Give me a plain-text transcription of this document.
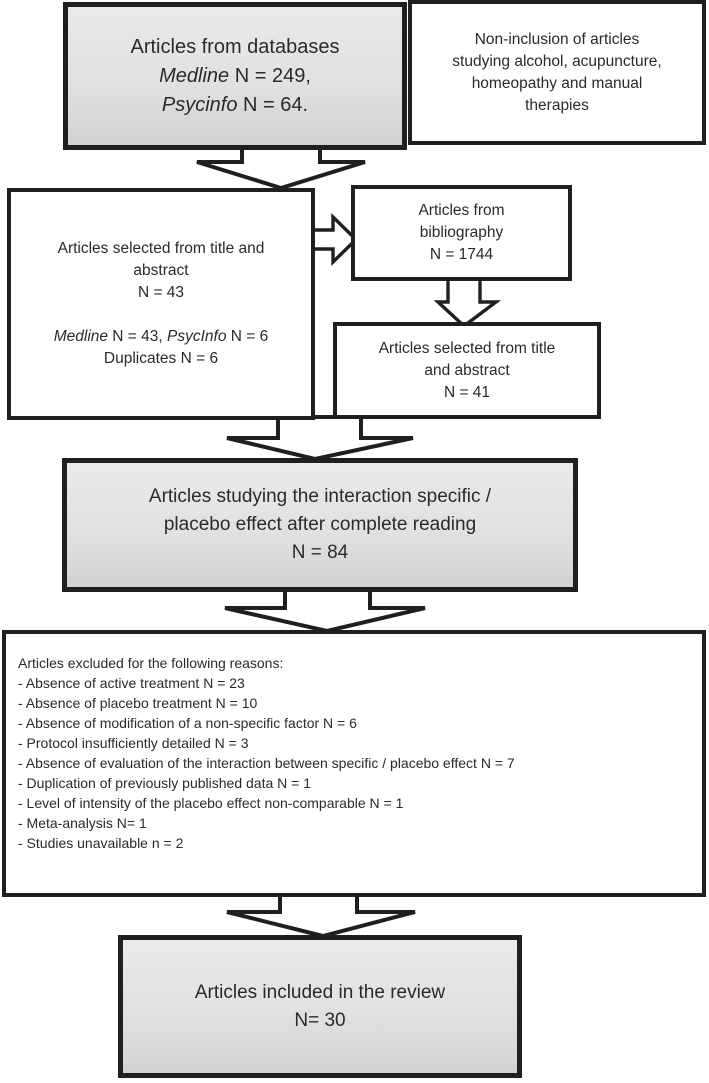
Articles from databases
Medline N = 249,
Psycinfo N = 64.
Non-inclusion of articles
studying alcohol, acupuncture,
homeopathy and manual
therapies
Articles selected from title and
abstract
N = 43
Medline N = 43, PsycInfo N = 6
Duplicates N = 6
Articles from
bibliography
N = 1744
Articles selected from title
and abstract
N = 41
Articles studying the interaction specific /
placebo effect after complete reading
N = 84
Articles excluded for the following reasons:
- Absence of active treatment N = 23
- Absence of placebo treatment N = 10
- Absence of modification of a non-specific factor N = 6
- Protocol insufficiently detailed N = 3
- Absence of evaluation of the interaction between specific / placebo effect N = 7
- Duplication of previously published data N = 1
- Level of intensity of the placebo effect non-comparable N = 1
- Meta-analysis N= 1
- Studies unavailable n = 2
Articles included in the review
N= 30
